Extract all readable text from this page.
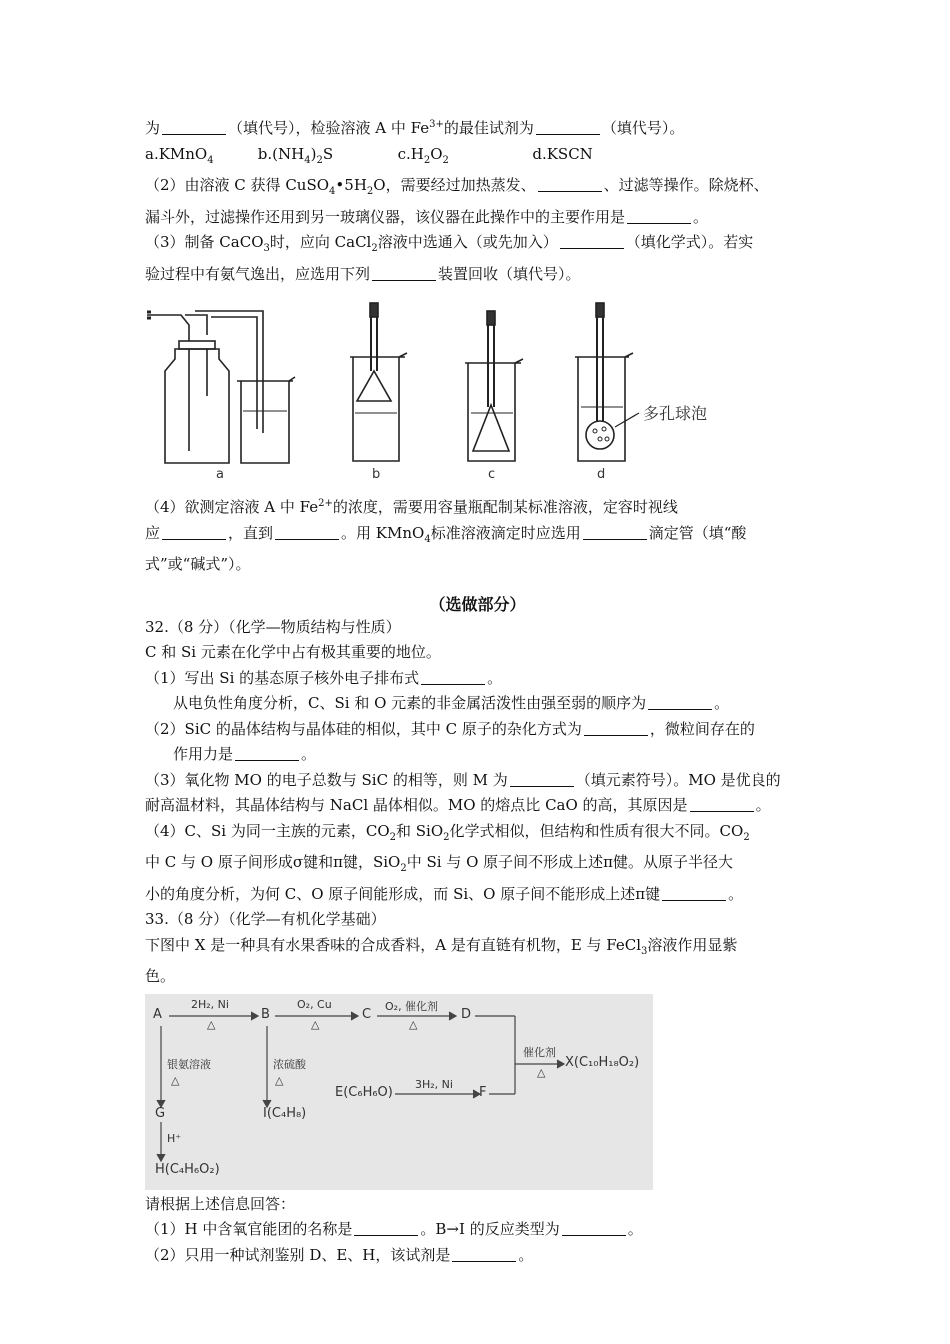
为	（填代号），检验溶液 A 中 $Fe^{3+}$的最佳试剂为	（填代号）。
a.KMnO$_4$	$b.(NH_4)_2S$	$c.H_2O_2$	d.KSCN
（2）由溶液 C 获得 $CuSO_4•5H_2O$，需要经过加热蒸发、	、过滤等操作。除烧杯、
漏斗外，过滤操作还用到另一玻璃仪器，该仪器在此操作中的主要作用是	。
（3）制备 CaCO$_3$时，应向 CaCl$_2$溶液中选通入（或先加入）	（填化学式）。若实
验过程中有氨气逸出，应选用下列	装置回收（填代号）。
a	b	c	d
多孔球泡
（4）欲测定溶液 A 中 $Fe^{2+}$的浓度，需要用容量瓶配制某标准溶液，定容时视线
应	，直到	。用 KMnO$_4$标准溶液滴定时应选用	滴定管（填“酸
式”或“碱式”）。
（选做部分）
32.（8 分）（化学—物质结构与性质）
C 和 Si 元素在化学中占有极其重要的地位。
（1）写出 Si 的基态原子核外电子排布式	。
从电负性角度分析，C、Si 和 O 元素的非金属活泼性由强至弱的顺序为	。
（2）SiC 的晶体结构与晶体硅的相似，其中 C 原子的杂化方式为	，微粒间存在的
作用力是	。
（3）氧化物 MO 的电子总数与 SiC 的相等，则 M 为	（填元素符号）。MO 是优良的
耐高温材料，其晶体结构与 NaCl 晶体相似。MO 的熔点比 CaO 的高，其原因是	。
（4）C、Si 为同一主族的元素，$CO_2$和 SiO$_2$化学式相似，但结构和性质有很大不同。$CO_2$
中 C 与 O 原子间形成σ键和π键，SiO$_2$中 Si 与 O 原子间不形成上述π健。从原子半径大
小的角度分析，为何 C、O 原子间能形成，而 Si、O 原子间不能形成上述π键	。
33.（8 分）（化学—有机化学基础）
下图中 X 是一种具有水果香味的合成香料，A 是有直链有机物，E 与 FeCl$_3$溶液作用显紫
色。
A	B	C	D
E(C₆H₆O)	F
G	I(C₄H₈)
H(C₄H₆O₂)
X(C₁₀H₁₈O₂)
2H₂, Ni
△
O₂, Cu
△
O₂, 催化剂
△
催化剂
△
银氨溶液
△
浓硫酸
△	3H₂, Ni
H⁺
请根据上述信息回答：
（1）H 中含氧官能团的名称是	。B→I 的反应类型为	。
（2）只用一种试剂鉴别 D、E、H，该试剂是	。
